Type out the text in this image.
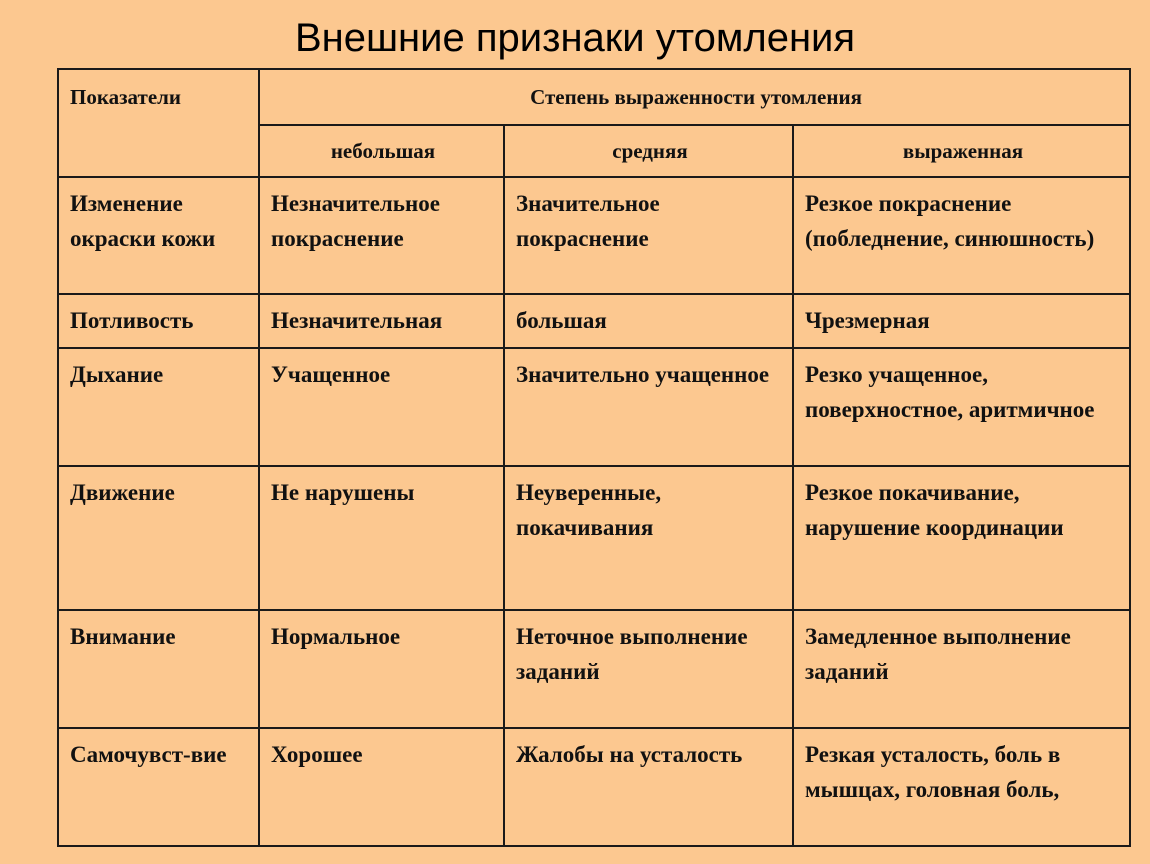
Внешние признаки утомления
Показатели	Степень выраженности утомления		
	небольшая	средняя	выраженная
Изменение окраски кожи	Незначительное покраснение	Значительное покраснение	Резкое покраснение (побледнение, синюшность)
Потливость	Незначительная	большая	Чрезмерная
Дыхание	Учащенное	Значительно учащенное	Резко учащенное, поверхностное, аритмичное
Движение	Не нарушены	Неуверенные, покачивания	Резкое покачивание, нарушение координации
Внимание	Нормальное	Неточное выполнение заданий	Замедленное выполнение заданий
Самочувст-вие	Хорошее	Жалобы на усталость	Резкая усталость, боль в мышцах, головная боль,
